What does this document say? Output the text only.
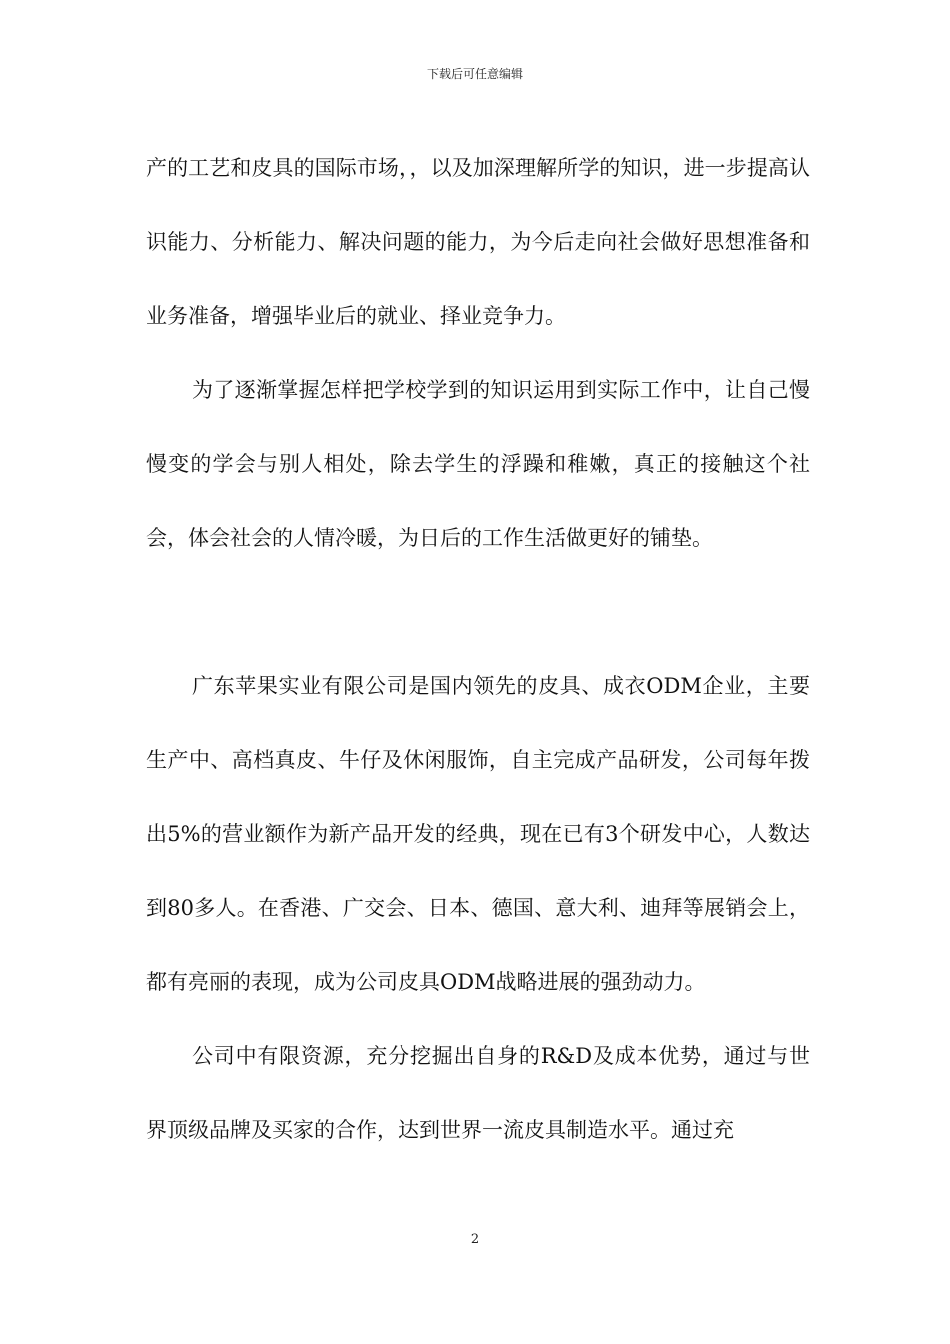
下载后可任意编辑

产的工艺和皮具的国际市场，，以及加深理解所学的知识，进一步提高认识能力、分析能力、解决问题的能力，为今后走向社会做好思想准备和业务准备，增强毕业后的就业、择业竞争力。

为了逐渐掌握怎样把学校学到的知识运用到实际工作中，让自己慢慢变的学会与别人相处，除去学生的浮躁和稚嫩，真正的接触这个社会，体会社会的人情冷暖，为日后的工作生活做更好的铺垫。

广东苹果实业有限公司是国内领先的皮具、成衣ODM企业，主要生产中、高档真皮、牛仔及休闲服饰，自主完成产品研发，公司每年拨出5%的营业额作为新产品开发的经典，现在已有3个研发中心，人数达到80多人。在香港、广交会、日本、德国、意大利、迪拜等展销会上，都有亮丽的表现，成为公司皮具ODM战略进展的强劲动力。

公司中有限资源，充分挖掘出自身的R&D及成本优势，通过与世界顶级品牌及买家的合作，达到世界一流皮具制造水平。通过充

2
